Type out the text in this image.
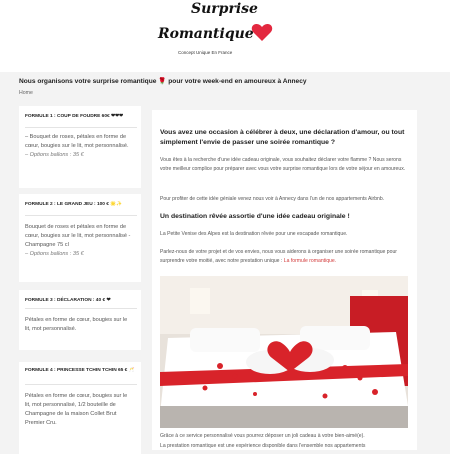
Surprise
Romantique
Concept Unique En France
Nous organisons votre surprise romantique 🌹 pour votre week-end en amoureux à Annecy
Home
FORMULE 1 : COUP DE FOUDRE 60€ ❤❤❤
– Bouquet de roses, pétales en forme de cœur, bougies sur le lit, mot personnalisé.
– Options ballons : 35 €
FORMULE 2 : LE GRAND JEU : 100 € 🌟✨
Bouquet de roses et pétales en forme de cœur, bougies sur le lit, mot personnalisé - Champagne 75 cl
– Options ballons : 35 €
FORMULE 3 : DÉCLARATION : 40 € ❤
Pétales en forme de cœur, bougies sur le lit, mot personnalisé.
FORMULE 4 : PRINCESSE TCHIN TCHIN 65 € 🥂
Pétales en forme de cœur, bougies sur le lit, mot personnalisé, 1/2 bouteille de Champagne de la maison Collet Brut Premier Cru.
Vous avez une occasion à célébrer à deux, une déclaration d'amour, ou tout simplement l'envie de passer une soirée romantique ?
Vous êtes à la recherche d'une idée cadeau originale, vous souhaitez déclarer votre flamme ? Nous serons votre meilleur complice pour préparer avec vous votre surprise romantique lors de votre séjour en amoureux.
Pour profiter de cette idée géniale venez nous voir à Annecy dans l'un de nos appartements Airbnb.
Un destination rêvée assortie d'une idée cadeau originale !
La Petite Venise des Alpes est la destination rêvée pour une escapade romantique.
Parlez-nous de votre projet et de vos envies, nous vous aiderons à organiser une soirée romantique pour surprendre votre moitié, avec notre prestation unique : La formule romantique.
Grâce à ce service personnalisé vous pourrez déposer un joli cadeau à votre bien-aimé(e).
La prestation romantique est une expérience disponible dans l'ensemble nos appartements
